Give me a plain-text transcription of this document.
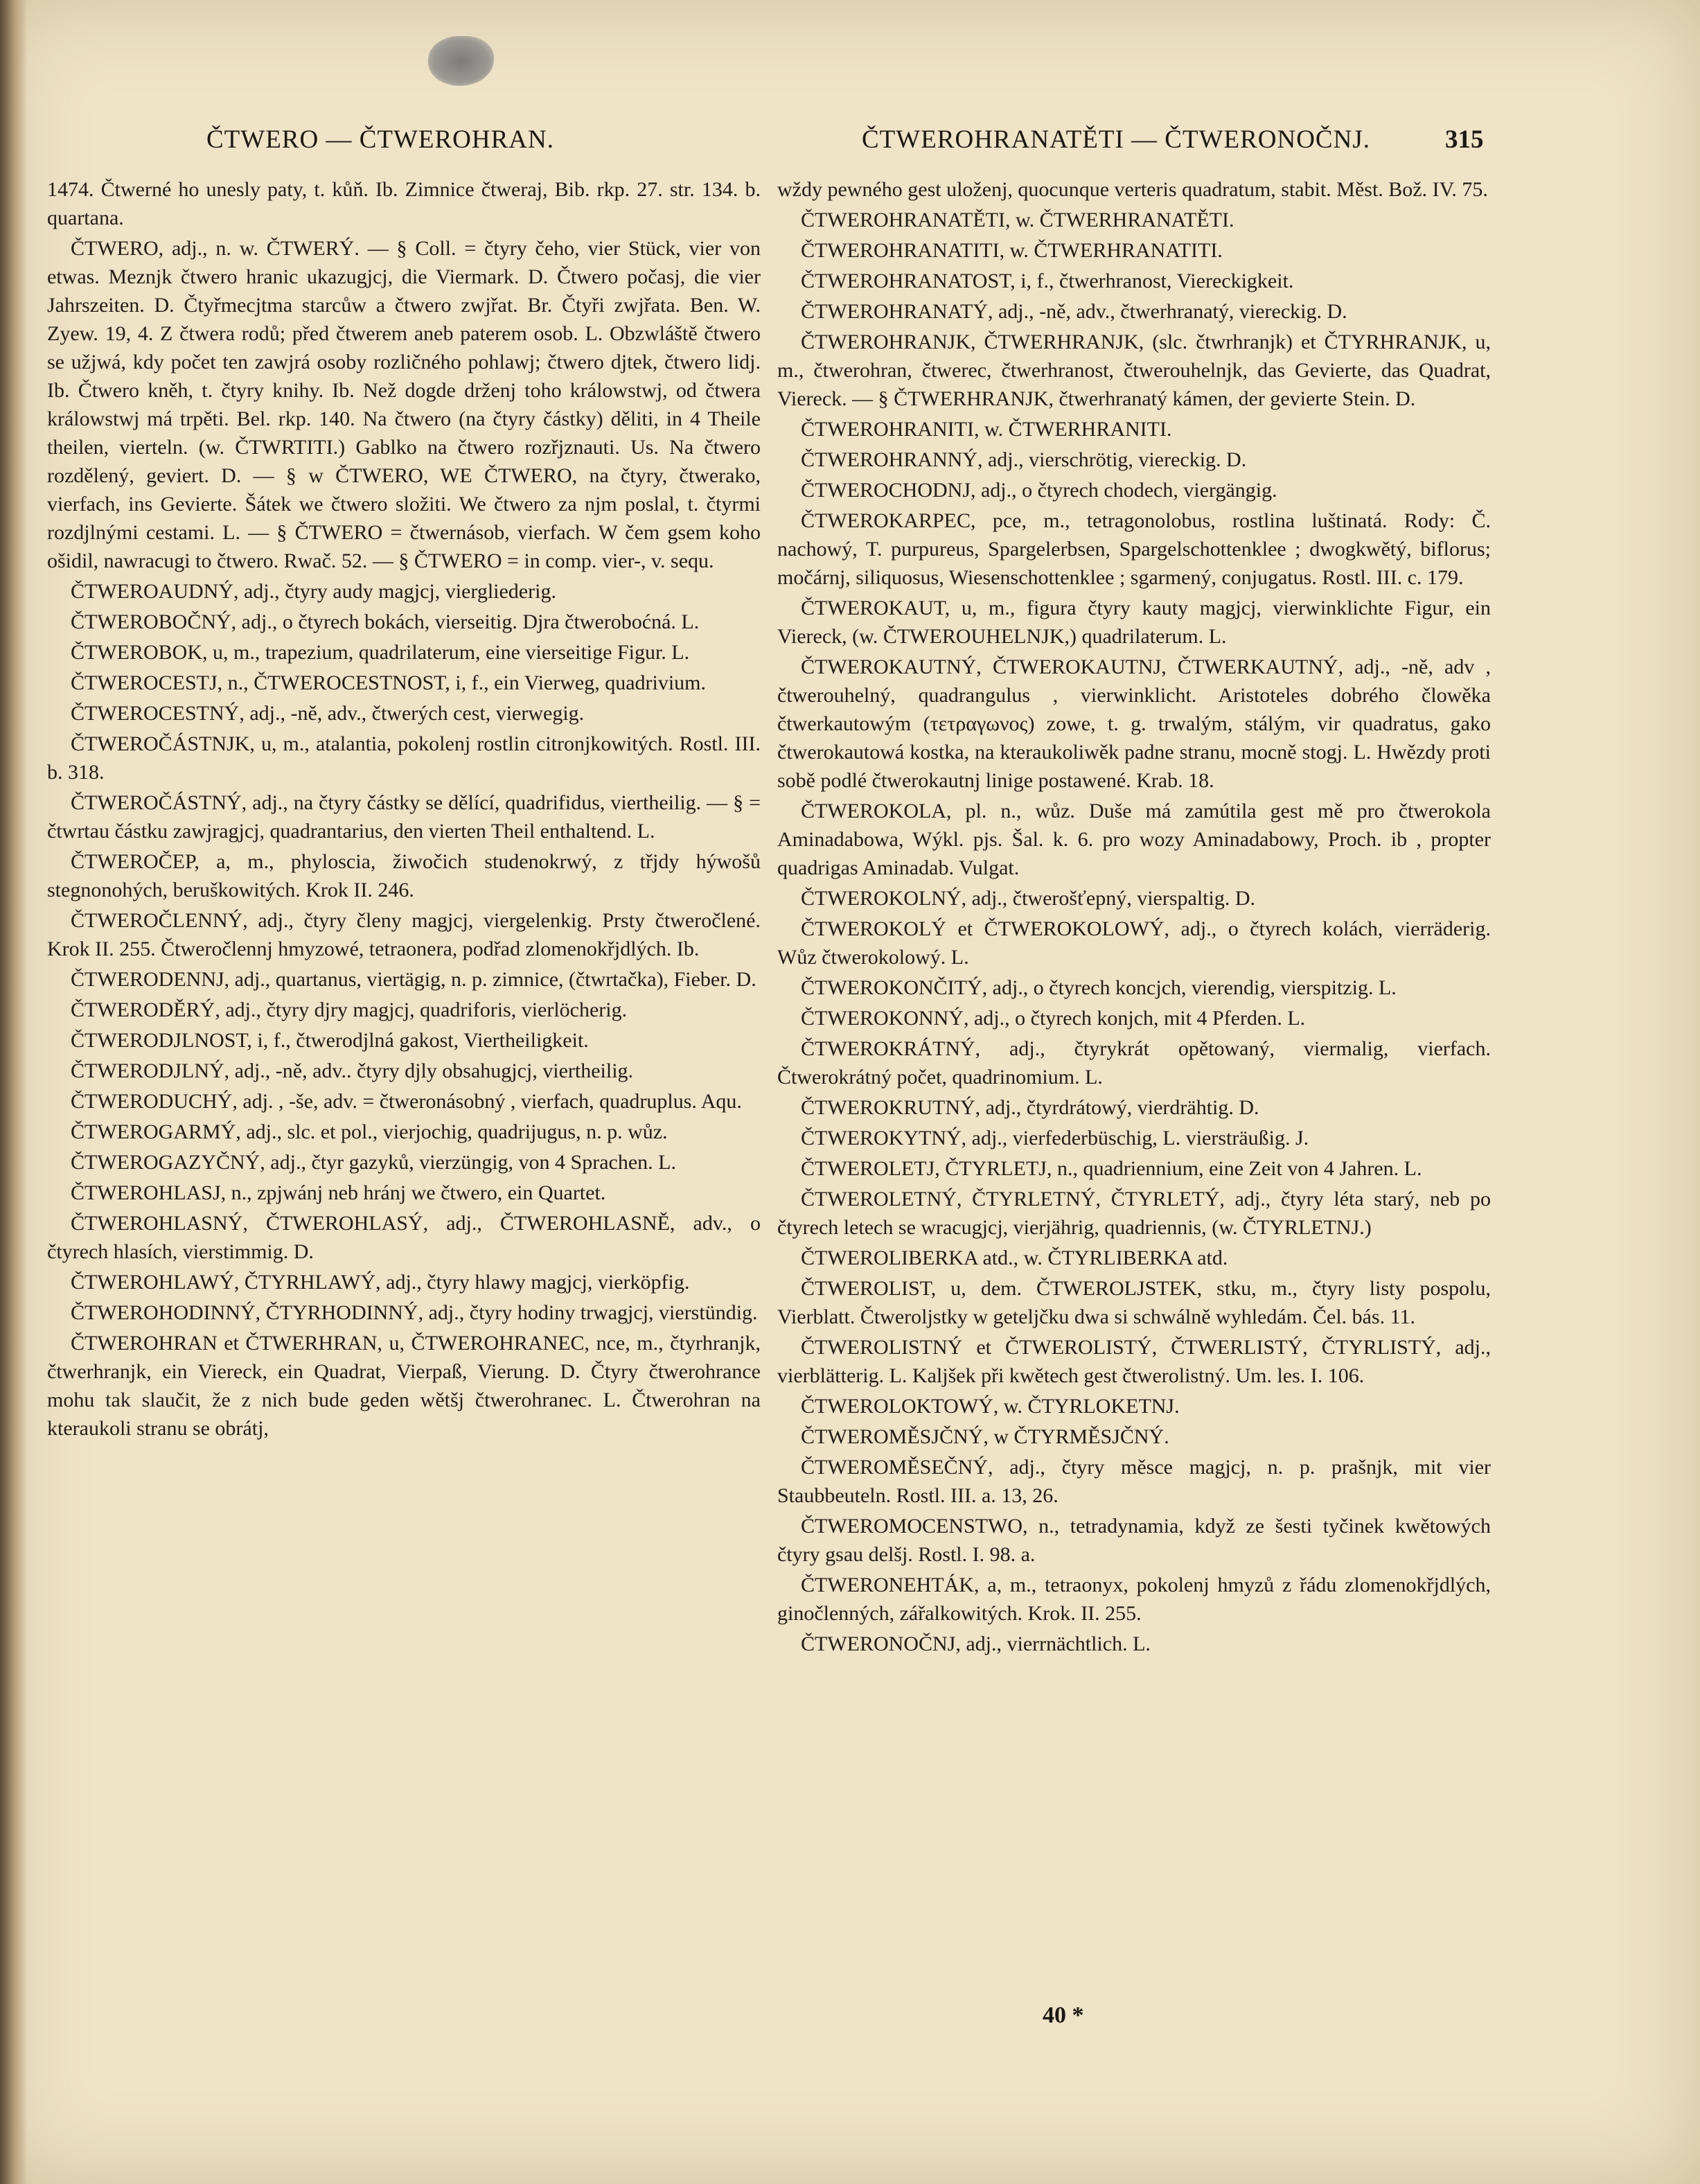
ČTWERO — ČTWEROHRAN.	ČTWEROHRANATĚTI — ČTWERONOČNJ.	315

1474. Čtwerné ho unesly paty, t. kůň. Ib. Zimnice čtweraj, Bib. rkp. 27. str. 134. b. quartana.

ČTWERO, adj., n. w. ČTWERÝ. — § Coll. = čtyry čeho, vier Stück, vier von etwas. Meznjk čtwero hranic ukazugjcj, die Viermark. D. Čtwero počasj, die vier Jahrszeiten. D. Čtyřmecjtma starcůw a čtwero zwjřat. Br. Čtyři zwjřata. Ben. W. Zyew. 19, 4. Z čtwera rodů; před čtwerem aneb paterem osob. L. Obzwláště čtwero se užjwá, kdy počet ten zawjrá osoby rozličného pohlawj; čtwero djtek, čtwero lidj. Ib. Čtwero kněh, t. čtyry knihy. Ib. Než dogde drženj toho králowstwj, od čtwera králowstwj má trpěti. Bel. rkp. 140. Na čtwero (na čtyry částky) děliti, in 4 Theile theilen, vierteln. (w. ČTWRTITI.) Gablko na čtwero rozřjznauti. Us. Na čtwero rozdělený, geviert. D. — § w ČTWERO, WE ČTWERO, na čtyry, čtwerako, vierfach, ins Gevierte. Šátek we čtwero složiti. We čtwero za njm poslal, t. čtyrmi rozdjlnými cestami. L. — § ČTWERO = čtwernásob, vierfach. W čem gsem koho ošidil, nawracugi to čtwero. Rwač. 52. — § ČTWERO = in comp. vier-, v. sequ.

ČTWEROAUDNÝ, adj., čtyry audy magjcj, viergliederig.

ČTWEROBOČNÝ, adj., o čtyrech bokách, vierseitig. Djra čtweroboćná. L.

ČTWEROBOK, u, m., trapezium, quadrilaterum, eine vierseitige Figur. L.

ČTWEROCESTJ, n., ČTWEROCESTNOST, i, f., ein Vierweg, quadrivium.

ČTWEROCESTNÝ, adj., -ně, adv., čtwerých cest, vierwegig.

ČTWEROČÁSTNJK, u, m., atalantia, pokolenj rostlin citronjkowitých. Rostl. III. b. 318.

ČTWEROČÁSTNÝ, adj., na čtyry částky se dělící, quadrifidus, viertheilig. — § = čtwrtau částku zawjragjcj, quadrantarius, den vierten Theil enthaltend. L.

ČTWEROČEP, a, m., phyloscia, žiwočich studenokrwý, z třjdy hýwošů stegnonohých, beruškowitých. Krok II. 246.

ČTWEROČLENNÝ, adj., čtyry členy magjcj, viergelenkig. Prsty čtweročlené. Krok II. 255. Čtweročlennj hmyzowé, tetraonera, podřad zlomenokřjdlých. Ib.

ČTWERODENNJ, adj., quartanus, viertägig, n. p. zimnice, (čtwrtačka), Fieber. D.

ČTWERODĚRÝ, adj., čtyry djry magjcj, quadriforis, vierlöcherig.

ČTWERODJLNOST, i, f., čtwerodjlná gakost, Viertheiligkeit.

ČTWERODJLNÝ, adj., -ně, adv.. čtyry djly obsahugjcj, viertheilig.

ČTWERODUCHÝ, adj. , -še, adv. = čtweronásobný , vierfach, quadruplus. Aqu.

ČTWEROGARMÝ, adj., slc. et pol., vierjochig, quadrijugus, n. p. wůz.

ČTWEROGAZYČNÝ, adj., čtyr gazyků, vierzüngig, von 4 Sprachen. L.

ČTWEROHLASJ, n., zpjwánj neb hránj we čtwero, ein Quartet.

ČTWEROHLASNÝ, ČTWEROHLASÝ, adj., ČTWEROHLASNĚ, adv., o čtyrech hlasích, vierstimmig. D.

ČTWEROHLAWÝ, ČTYRHLAWÝ, adj., čtyry hlawy magjcj, vierköpfig.

ČTWEROHODINNÝ, ČTYRHODINNÝ, adj., čtyry hodiny trwagjcj, vierstündig.

ČTWEROHRAN et ČTWERHRAN, u, ČTWEROHRANEC, nce, m., čtyrhranjk, čtwerhranjk, ein Viereck, ein Quadrat, Vierpaß, Vierung. D. Čtyry čtwerohrance mohu tak slaučit, že z nich bude geden wětšj čtwerohranec. L. Čtwerohran na kteraukoli stranu se obrátj,

wždy pewného gest uloženj, quocunque verteris quadratum, stabit. Měst. Bož. IV. 75.

ČTWEROHRANATĚTI, w. ČTWERHRANATĚTI.

ČTWEROHRANATITI, w. ČTWERHRANATITI.

ČTWEROHRANATOST, i, f., čtwerhranost, Viereckigkeit.

ČTWEROHRANATÝ, adj., -ně, adv., čtwerhranatý, viereckig. D.

ČTWEROHRANJK, ČTWERHRANJK, (slc. čtwrhranjk) et ČTYRHRANJK, u, m., čtwerohran, čtwerec, čtwerhranost, čtwerouhelnjk, das Gevierte, das Quadrat, Viereck. — § ČTWERHRANJK, čtwerhranatý kámen, der gevierte Stein. D.

ČTWEROHRANITI, w. ČTWERHRANITI.

ČTWEROHRANNÝ, adj., vierschrötig, viereckig. D.

ČTWEROCHODNJ, adj., o čtyrech chodech, viergängig.

ČTWEROKARPEC, pce, m., tetragonolobus, rostlina luštinatá. Rody: Č. nachowý, T. purpureus, Spargelerbsen, Spargelschottenklee ; dwogkwětý, biflorus; močárnj, siliquosus, Wiesenschottenklee ; sgarmený, conjugatus. Rostl. III. c. 179.

ČTWEROKAUT, u, m., figura čtyry kauty magjcj, vierwinklichte Figur, ein Viereck, (w. ČTWEROUHELNJK,) quadrilaterum. L.

ČTWEROKAUTNÝ, ČTWEROKAUTNJ, ČTWERKAUTNÝ, adj., -ně, adv , čtwerouhelný, quadrangulus , vierwinklicht. Aristoteles dobrého člowěka čtwerkautowým (τετραγωνος) zowe, t. g. trwalým, stálým, vir quadratus, gako čtwerokautowá kostka, na kteraukoliwěk padne stranu, mocně stogj. L. Hwězdy proti sobě podlé čtwerokautnj linige postawené. Krab. 18.

ČTWEROKOLA, pl. n., wůz. Duše má zamútila gest mě pro čtwerokola Aminadabowa, Wýkl. pjs. Šal. k. 6. pro wozy Aminadabowy, Proch. ib , propter quadrigas Aminadab. Vulgat.

ČTWEROKOLNÝ, adj., čtwerošťepný, vierspaltig. D.

ČTWEROKOLÝ et ČTWEROKOLOWÝ, adj., o čtyrech kolách, vierräderig. Wůz čtwerokolowý. L.

ČTWEROKONČITÝ, adj., o čtyrech koncjch, vierendig, vierspitzig. L.

ČTWEROKONNÝ, adj., o čtyrech konjch, mit 4 Pferden. L.

ČTWEROKRÁTNÝ, adj., čtyrykrát opětowaný, viermalig, vierfach. Čtwerokrátný počet, quadrinomium. L.

ČTWEROKRUTNÝ, adj., čtyrdrátowý, vierdrähtig. D.

ČTWEROKYTNÝ, adj., vierfederbüschig, L. viersträußig. J.

ČTWEROLETJ, ČTYRLETJ, n., quadriennium, eine Zeit von 4 Jahren. L.

ČTWEROLETNÝ, ČTYRLETNÝ, ČTYRLETÝ, adj., čtyry léta starý, neb po čtyrech letech se wracugjcj, vierjährig, quadriennis, (w. ČTYRLETNJ.)

ČTWEROLIBERKA atd., w. ČTYRLIBERKA atd.

ČTWEROLIST, u, dem. ČTWEROLJSTEK, stku, m., čtyry listy pospolu, Vierblatt. Čtweroljstky w geteljčku dwa si schwálně wyhledám. Čel. bás. 11.

ČTWEROLISTNÝ et ČTWEROLISTÝ, ČTWERLISTÝ, ČTYRLISTÝ, adj., vierblätterig. L. Kaljšek při kwětech gest čtwerolistný. Um. les. I. 106.

ČTWEROLOKTOWÝ, w. ČTYRLOKETNJ.

ČTWEROMĚSJČNÝ, w ČTYRMĚSJČNÝ.

ČTWEROMĚSEČNÝ, adj., čtyry měsce magjcj, n. p. prašnjk, mit vier Staubbeuteln. Rostl. III. a. 13, 26.

ČTWEROMOCENSTWO, n., tetradynamia, když ze šesti tyčinek kwětowých čtyry gsau delšj. Rostl. I. 98. a.

ČTWERONEHTÁK, a, m., tetraonyx, pokolenj hmyzů z řádu zlomenokřjdlých, ginočlenných, zářalkowitých. Krok. II. 255.

ČTWERONOČNJ, adj., vierrnächtlich. L.

40 *
